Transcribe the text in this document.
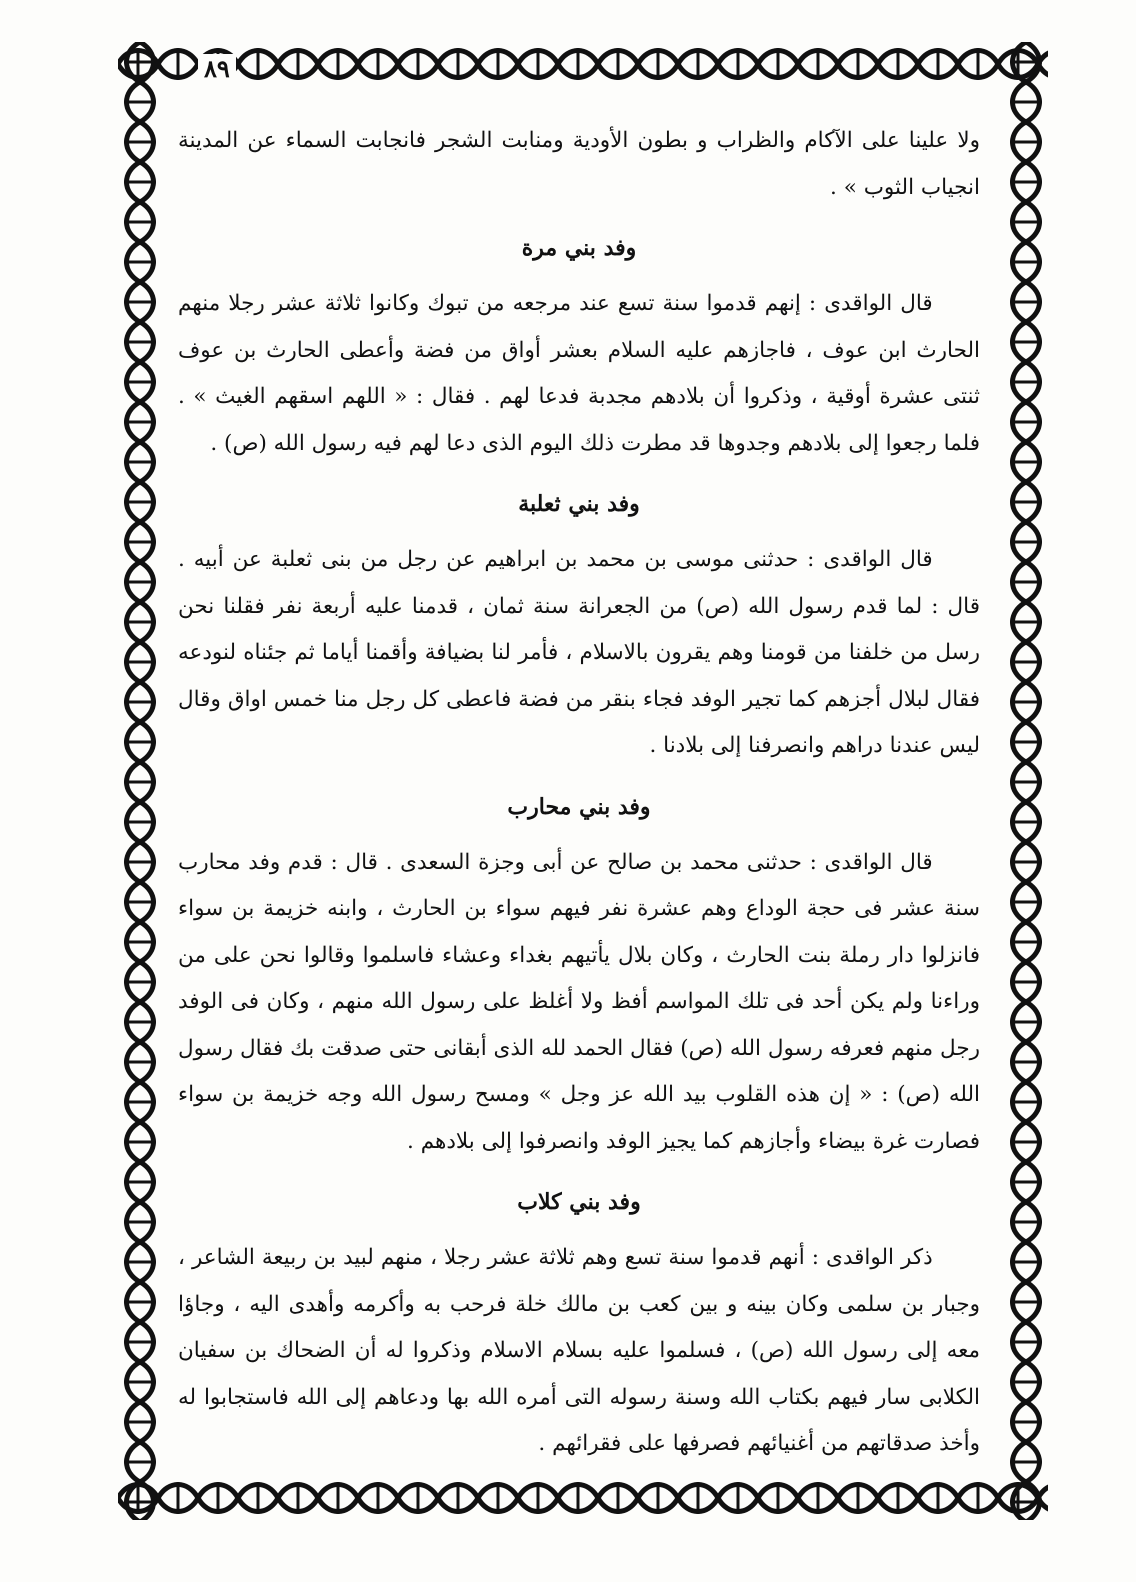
٨٩

ولا علينا على الآكام والظراب و بطون الأودية ومنابت الشجر فانجابت السماء عن المدينة انجياب الثوب » .

وفد بني مرة

قال الواقدى : إنهم قدموا سنة تسع عند مرجعه من تبوك وكانوا ثلاثة عشر رجلا منهم الحارث ابن عوف ، فاجازهم عليه السلام بعشر أواق من فضة وأعطى الحارث بن عوف ثنتى عشرة أوقية ، وذكروا أن بلادهم مجدبة فدعا لهم . فقال : « اللهم اسقهم الغيث » . فلما رجعوا إلى بلادهم وجدوها قد مطرت ذلك اليوم الذى دعا لهم فيه رسول الله (ص) .

وفد بني ثعلبة

قال الواقدى : حدثنى موسى بن محمد بن ابراهيم عن رجل من بنى ثعلبة عن أبيه . قال : لما قدم رسول الله (ص) من الجعرانة سنة ثمان ، قدمنا عليه أربعة نفر فقلنا نحن رسل من خلفنا من قومنا وهم يقرون بالاسلام ، فأمر لنا بضيافة وأقمنا أياما ثم جئناه لنودعه فقال لبلال أجزهم كما تجير الوفد فجاء بنقر من فضة فاعطى كل رجل منا خمس اواق وقال ليس عندنا دراهم وانصرفنا إلى بلادنا .

وفد بني محارب

قال الواقدى : حدثنى محمد بن صالح عن أبى وجزة السعدى . قال : قدم وفد محارب سنة عشر فى حجة الوداع وهم عشرة نفر فيهم سواء بن الحارث ، وابنه خزيمة بن سواء فانزلوا دار رملة بنت الحارث ، وكان بلال يأتيهم بغداء وعشاء فاسلموا وقالوا نحن على من وراءنا ولم يكن أحد فى تلك المواسم أفظ ولا أغلظ على رسول الله منهم ، وكان فى الوفد رجل منهم فعرفه رسول الله (ص) فقال الحمد لله الذى أبقانى حتى صدقت بك فقال رسول الله (ص) : « إن هذه القلوب بيد الله عز وجل » ومسح رسول الله وجه خزيمة بن سواء فصارت غرة بيضاء وأجازهم كما يجيز الوفد وانصرفوا إلى بلادهم .

وفد بني كلاب

ذكر الواقدى : أنهم قدموا سنة تسع وهم ثلاثة عشر رجلا ، منهم لبيد بن ربيعة الشاعر ، وجبار بن سلمى وكان بينه و بين كعب بن مالك خلة فرحب به وأكرمه وأهدى اليه ، وجاؤا معه إلى رسول الله (ص) ، فسلموا عليه بسلام الاسلام وذكروا له أن الضحاك بن سفيان الكلابى سار فيهم بكتاب الله وسنة رسوله التى أمره الله بها ودعاهم إلى الله فاستجابوا له وأخذ صدقاتهم من أغنيائهم فصرفها على فقرائهم .
